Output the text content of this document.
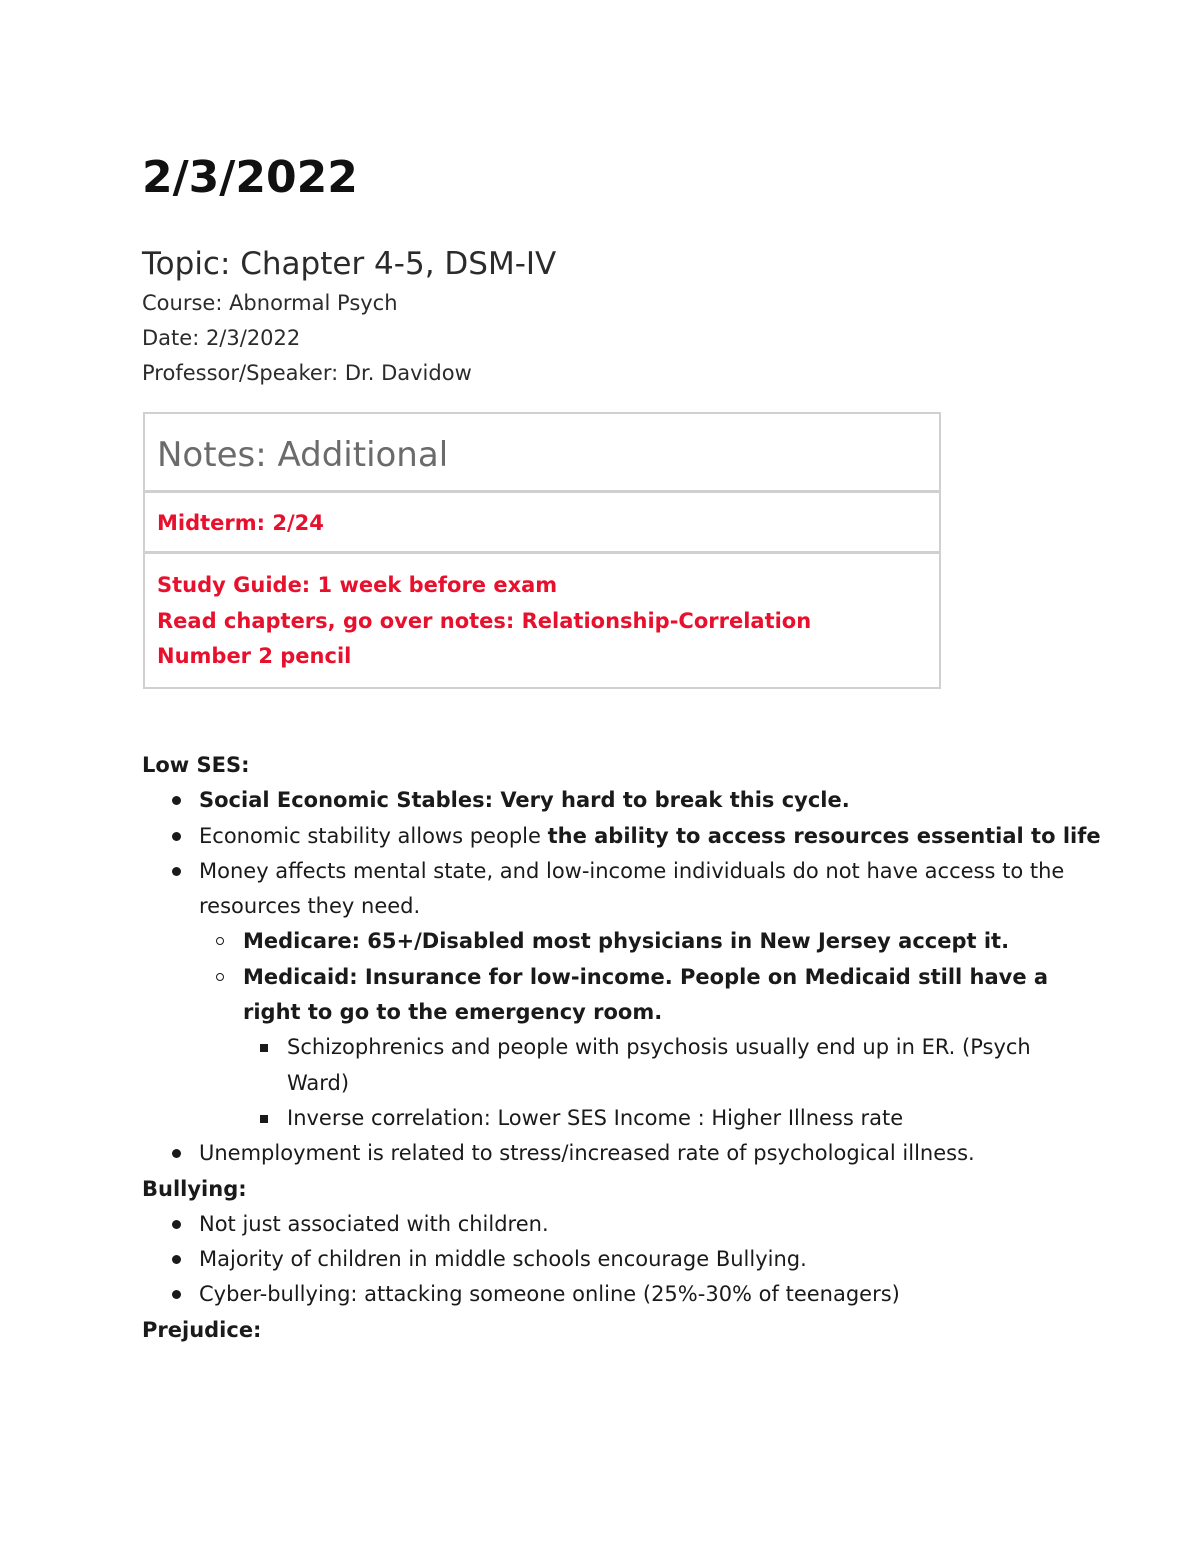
2/3/2022
Topic: Chapter 4-5, DSM-IV
Course: Abnormal Psych
Date: 2/3/2022
Professor/Speaker: Dr. Davidow
Notes: Additional
Midterm: 2/24
Study Guide: 1 week before exam
Read chapters, go over notes: Relationship-Correlation
Number 2 pencil
Low SES:
Social Economic Stables: Very hard to break this cycle.
Economic stability allows people the ability to access resources essential to life
Money affects mental state, and low-income individuals do not have access to the
resources they need.
Medicare: 65+/Disabled most physicians in New Jersey accept it.
Medicaid: Insurance for low-income. People on Medicaid still have a
right to go to the emergency room.
Schizophrenics and people with psychosis usually end up in ER. (Psych
Ward)
Inverse correlation: Lower SES Income : Higher Illness rate
Unemployment is related to stress/increased rate of psychological illness.
Bullying:
Not just associated with children.
Majority of children in middle schools encourage Bullying.
Cyber-bullying: attacking someone online (25%-30% of teenagers)
Prejudice:
